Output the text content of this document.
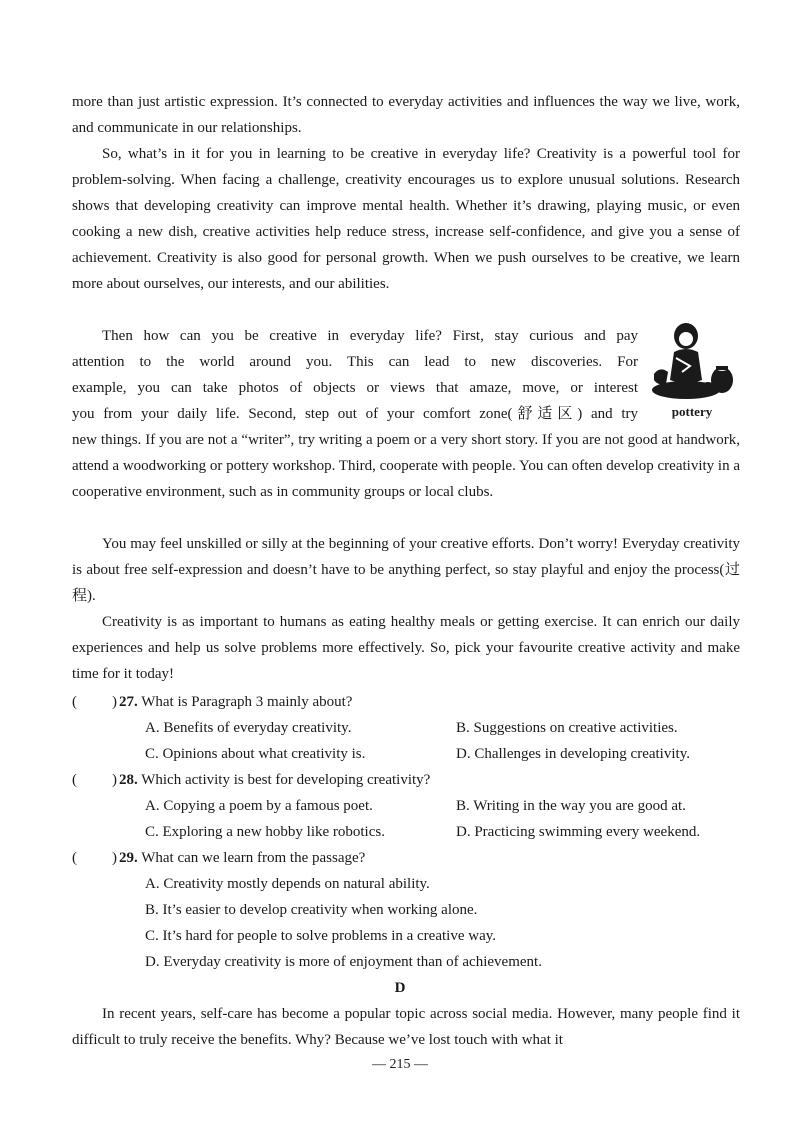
more than just artistic expression. It’s connected to everyday activities and influences the way we live, work, and communicate in our relationships.

So, what’s in it for you in learning to be creative in everyday life? Creativity is a powerful tool for problem-solving. When facing a challenge, creativity encourages us to explore unusual solutions. Research shows that developing creativity can improve mental health. Whether it’s drawing, playing music, or even cooking a new dish, creative activities help reduce stress, increase self-confidence, and give you a sense of achievement. Creativity is also good for personal growth. When we push ourselves to be creative, we learn more about ourselves, our interests, and our abilities.

Then how can you be creative in everyday life? First, stay curious and pay

attention to the world around you. This can lead to new discoveries. For

example, you can take photos of objects or views that amaze, move, or interest

you from your daily life. Second, step out of your comfort zone(舒适区) and try

new things. If you are not a “writer”, try writing a poem or a very short story. If you are not good at handwork, attend a woodworking or pottery workshop. Third, cooperate with people. You can often develop creativity in a cooperative environment, such as in community groups or local clubs.

pottery

You may feel unskilled or silly at the beginning of your creative efforts. Don’t worry! Everyday creativity is about free self-expression and doesn’t have to be anything perfect, so stay playful and enjoy the process(过程).

Creativity is as important to humans as eating healthy meals or getting exercise. It can enrich our daily experiences and help us solve problems more effectively. So, pick your favourite creative activity and make time for it today!

( ) 27. What is Paragraph 3 mainly about?
A. Benefits of everyday creativity.	B. Suggestions on creative activities.
C. Opinions about what creativity is.	D. Challenges in developing creativity.
( ) 28. Which activity is best for developing creativity?
A. Copying a poem by a famous poet.	B. Writing in the way you are good at.
C. Exploring a new hobby like robotics.	D. Practicing swimming every weekend.
( ) 29. What can we learn from the passage?
A. Creativity mostly depends on natural ability.
B. It’s easier to develop creativity when working alone.
C. It’s hard for people to solve problems in a creative way.
D. Everyday creativity is more of enjoyment than of achievement.
D

In recent years, self-care has become a popular topic across social media. However, many people find it difficult to truly receive the benefits. Why? Because we’ve lost touch with what it

— 215 —
